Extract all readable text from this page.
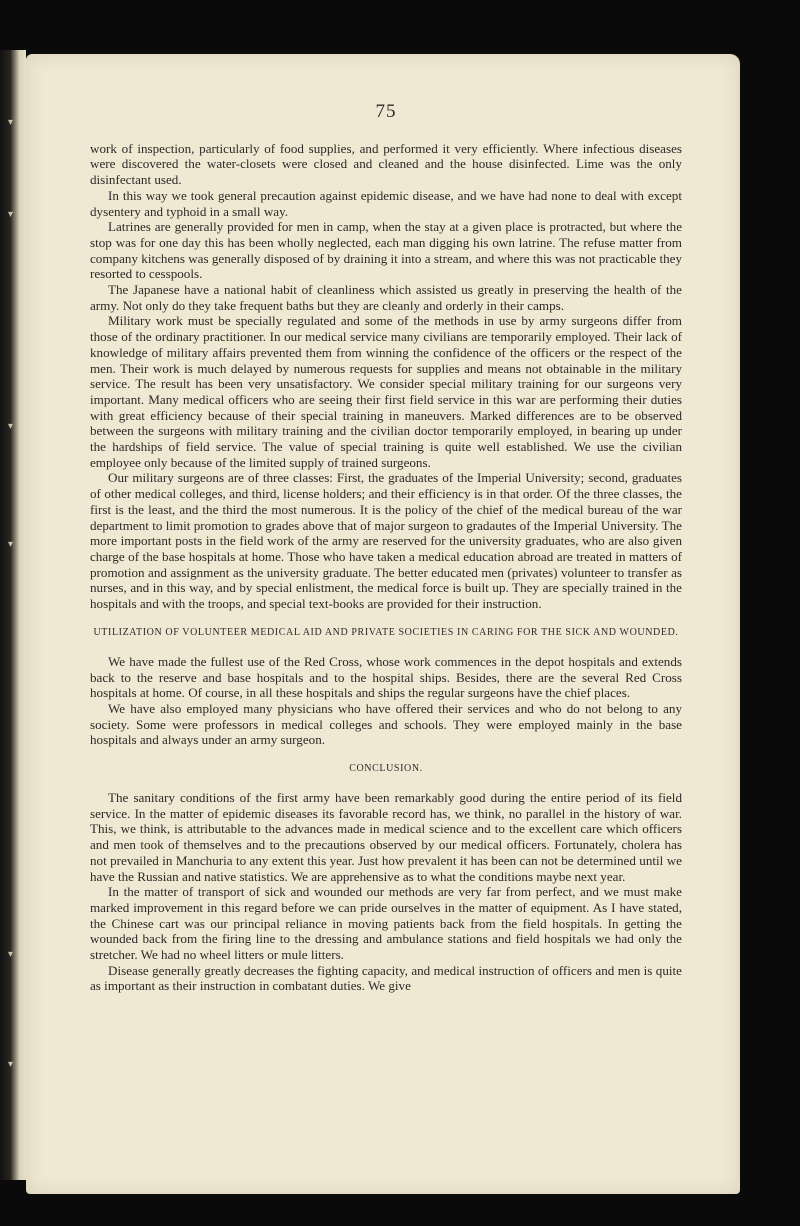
▾
▾
▾
▾
▾
▾
75

work of inspection, particularly of food supplies, and performed it very efficiently. Where infectious diseases were discovered the water-closets were closed and cleaned and the house disinfected. Lime was the only disinfectant used.

In this way we took general precaution against epidemic disease, and we have had none to deal with except dysentery and typhoid in a small way.

Latrines are generally provided for men in camp, when the stay at a given place is protracted, but where the stop was for one day this has been wholly neglected, each man digging his own latrine. The refuse matter from company kitchens was generally disposed of by draining it into a stream, and where this was not practicable they resorted to cesspools.

The Japanese have a national habit of cleanliness which assisted us greatly in preserving the health of the army. Not only do they take frequent baths but they are cleanly and orderly in their camps.

Military work must be specially regulated and some of the methods in use by army surgeons differ from those of the ordinary practitioner. In our medical service many civilians are temporarily employed. Their lack of knowledge of military affairs prevented them from winning the confidence of the officers or the respect of the men. Their work is much delayed by numerous requests for supplies and means not obtainable in the military service. The result has been very unsatisfactory. We consider special military training for our surgeons very important. Many medical officers who are seeing their first field service in this war are performing their duties with great efficiency because of their special training in maneuvers. Marked differences are to be observed between the surgeons with military training and the civilian doctor temporarily employed, in bearing up under the hardships of field service. The value of special training is quite well established. We use the civilian employee only because of the limited supply of trained surgeons.

Our military surgeons are of three classes: First, the graduates of the Imperial University; second, graduates of other medical colleges, and third, license holders; and their efficiency is in that order. Of the three classes, the first is the least, and the third the most numerous. It is the policy of the chief of the medical bureau of the war department to limit promotion to grades above that of major surgeon to gradautes of the Imperial University. The more important posts in the field work of the army are reserved for the university graduates, who are also given charge of the base hospitals at home. Those who have taken a medical education abroad are treated in matters of promotion and assignment as the university graduate. The better educated men (privates) volunteer to transfer as nurses, and in this way, and by special enlistment, the medical force is built up. They are specially trained in the hospitals and with the troops, and special text-books are provided for their instruction.

UTILIZATION OF VOLUNTEER MEDICAL AID AND PRIVATE SOCIETIES IN CARING FOR THE SICK AND WOUNDED.

We have made the fullest use of the Red Cross, whose work commences in the depot hospitals and extends back to the reserve and base hospitals and to the hospital ships. Besides, there are the several Red Cross hospitals at home. Of course, in all these hospitals and ships the regular surgeons have the chief places.

We have also employed many physicians who have offered their services and who do not belong to any society. Some were professors in medical colleges and schools. They were employed mainly in the base hospitals and always under an army surgeon.

CONCLUSION.

The sanitary conditions of the first army have been remarkably good during the entire period of its field service. In the matter of epidemic diseases its favorable record has, we think, no parallel in the history of war. This, we think, is attributable to the advances made in medical science and to the excellent care which officers and men took of themselves and to the precautions observed by our medical officers. Fortunately, cholera has not prevailed in Manchuria to any extent this year. Just how prevalent it has been can not be determined until we have the Russian and native statistics. We are apprehensive as to what the conditions maybe next year.

In the matter of transport of sick and wounded our methods are very far from perfect, and we must make marked improvement in this regard before we can pride ourselves in the matter of equipment. As I have stated, the Chinese cart was our principal reliance in moving patients back from the field hospitals. In getting the wounded back from the firing line to the dressing and ambulance stations and field hospitals we had only the stretcher. We had no wheel litters or mule litters.

Disease generally greatly decreases the fighting capacity, and medical instruction of officers and men is quite as important as their instruction in combatant duties. We give
